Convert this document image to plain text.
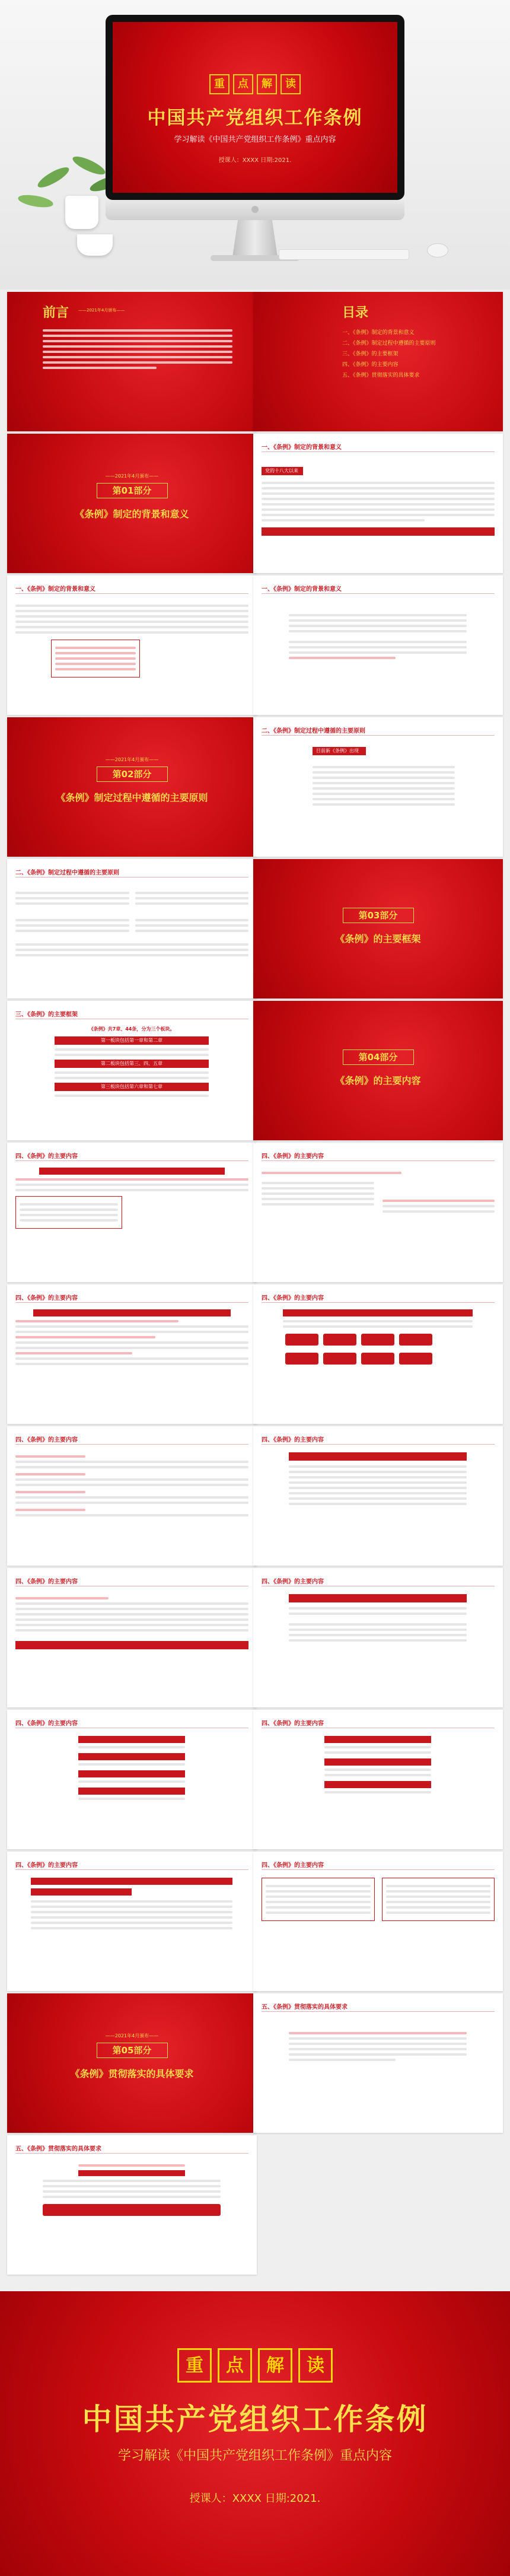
重	点	解	读
中国共产党组织工作条例
学习解读《中国共产党组织工作条例》重点内容
授课人：XXXX 日期:2021.
前言 ——2021年4月颁布——	目录
一、《条例》制定的背景和意义
二、《条例》制定过程中遵循的主要原则
三、《条例》的主要框架
四、《条例》的主要内容
五、《条例》贯彻落实的具体要求
——2021年4月颁布——
第01部分
《条例》制定的背景和意义
一、《条例》制定的背景和意义
党的十八大以来
一、《条例》制定的背景和意义	一、《条例》制定的背景和意义
——2021年4月颁布——
第02部分
《条例》制定过程中遵循的主要原则
二、《条例》制定过程中遵循的主要原则
目前新《条例》出现了
二、《条例》制定过程中遵循的主要原则
第03部分
《条例》的主要框架
三、《条例》的主要框架
《条例》共7章、44条，分为三个板块。
第一板块包括第一章和第二章
第二板块包括第三、四、五章
第三板块包括第六章和第七章
第04部分
《条例》的主要内容
四、《条例》的主要内容	四、《条例》的主要内容
四、《条例》的主要内容	四、《条例》的主要内容

四、《条例》的主要内容	四、《条例》的主要内容
四、《条例》的主要内容	四、《条例》的主要内容
四、《条例》的主要内容	四、《条例》的主要内容
四、《条例》的主要内容	四、《条例》的主要内容
——2021年4月颁布——
第05部分
《条例》贯彻落实的具体要求
五、《条例》贯彻落实的具体要求
五、《条例》贯彻落实的具体要求
重	点	解	读
中国共产党组织工作条例
学习解读《中国共产党组织工作条例》重点内容
授课人：XXXX 日期:2021.
